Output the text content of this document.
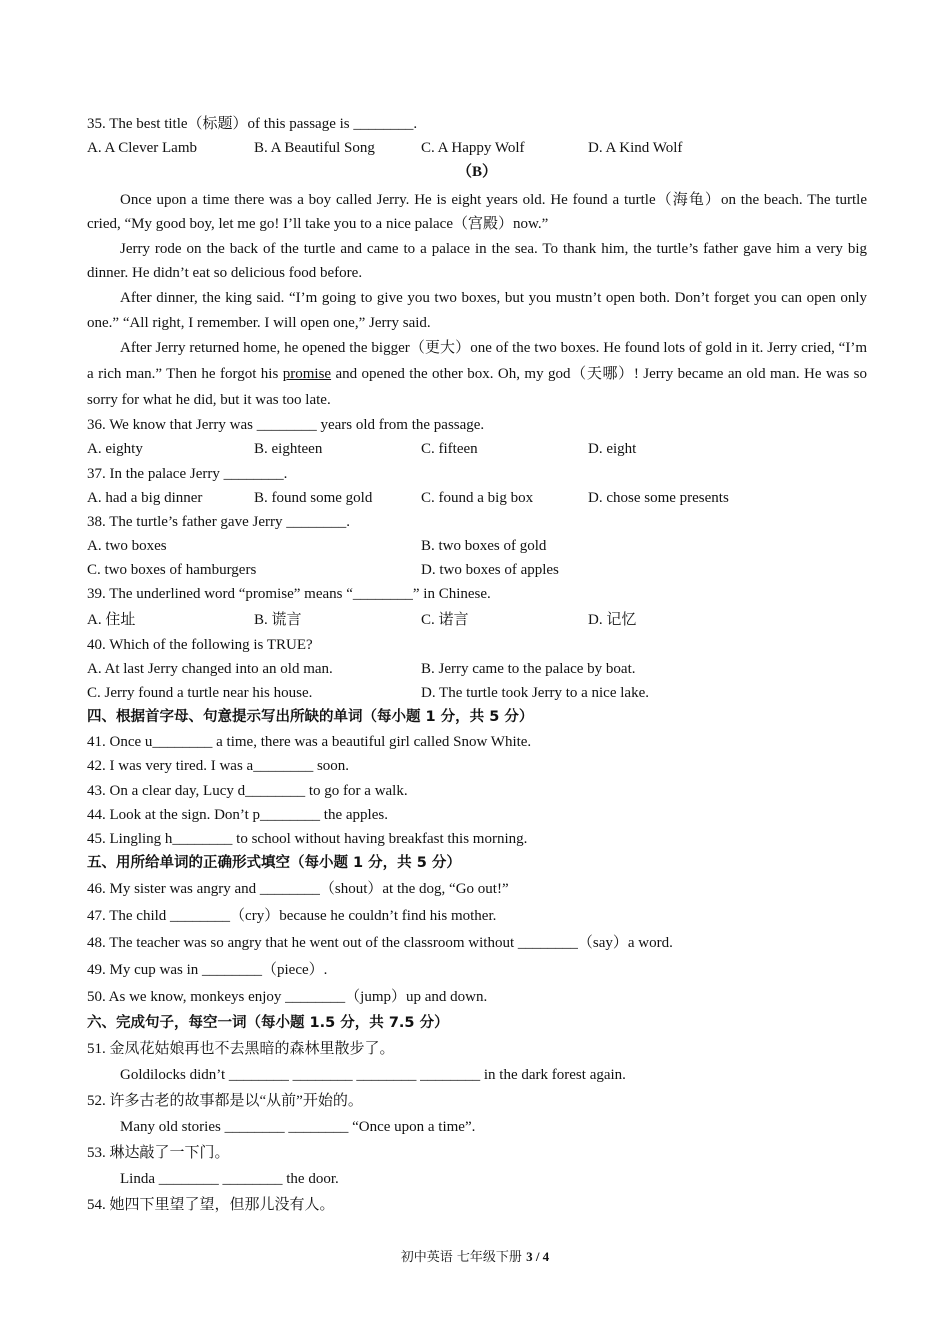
35. The best title（标题）of this passage is ________.
A. A Clever Lamb	B. A Beautiful Song	C. A Happy Wolf	D. A Kind Wolf
（B）
Once upon a time there was a boy called Jerry. He is eight years old. He found a turtle（海龟）on the beach. The turtle cried, “My good boy, let me go! I’ll take you to a nice palace（宫殿）now.”
Jerry rode on the back of the turtle and came to a palace in the sea. To thank him, the turtle’s father gave him a very big dinner. He didn’t eat so delicious food before.
After dinner, the king said. “I’m going to give you two boxes, but you mustn’t open both. Don’t forget you can open only one.” “All right, I remember. I will open one,” Jerry said.
After Jerry returned home, he opened the bigger（更大）one of the two boxes. He found lots of gold in it. Jerry cried, “I’m a rich man.” Then he forgot his promise and opened the other box. Oh, my god（天哪）! Jerry became an old man. He was so sorry for what he did, but it was too late.
36. We know that Jerry was ________ years old from the passage.
A. eighty	B. eighteen	C. fifteen	D. eight
37. In the palace Jerry ________.
A. had a big dinner	B. found some gold	C. found a big box	D. chose some presents
38. The turtle’s father gave Jerry ________.
A. two boxes	B. two boxes of gold
C. two boxes of hamburgers	D. two boxes of apples
39. The underlined word “promise” means “________” in Chinese.
A. 住址	B. 谎言	C. 诺言	D. 记忆
40. Which of the following is TRUE?
A. At last Jerry changed into an old man.	B. Jerry came to the palace by boat.
C. Jerry found a turtle near his house.	D. The turtle took Jerry to a nice lake.
四、根据首字母、句意提示写出所缺的单词（每小题 1 分，共 5 分）
41. Once u________ a time, there was a beautiful girl called Snow White.
42. I was very tired. I was a________ soon.
43. On a clear day, Lucy d________ to go for a walk.
44. Look at the sign. Don’t p________ the apples.
45. Lingling h________ to school without having breakfast this morning.
五、用所给单词的正确形式填空（每小题 1 分，共 5 分）
46. My sister was angry and ________（shout）at the dog, “Go out!”
47. The child ________（cry）because he couldn’t find his mother.
48. The teacher was so angry that he went out of the classroom without ________（say）a word.
49. My cup was in ________（piece）.
50. As we know, monkeys enjoy ________（jump）up and down.
六、完成句子，每空一词（每小题 1.5 分，共 7.5 分）
51. 金凤花姑娘再也不去黑暗的森林里散步了。
Goldilocks didn’t ________ ________ ________ ________ in the dark forest again.
52. 许多古老的故事都是以“从前”开始的。
Many old stories ________ ________ “Once upon a time”.
53. 琳达敲了一下门。
Linda ________ ________ the door.
54. 她四下里望了望，但那儿没有人。
初中英语 七年级下册 3 / 4
